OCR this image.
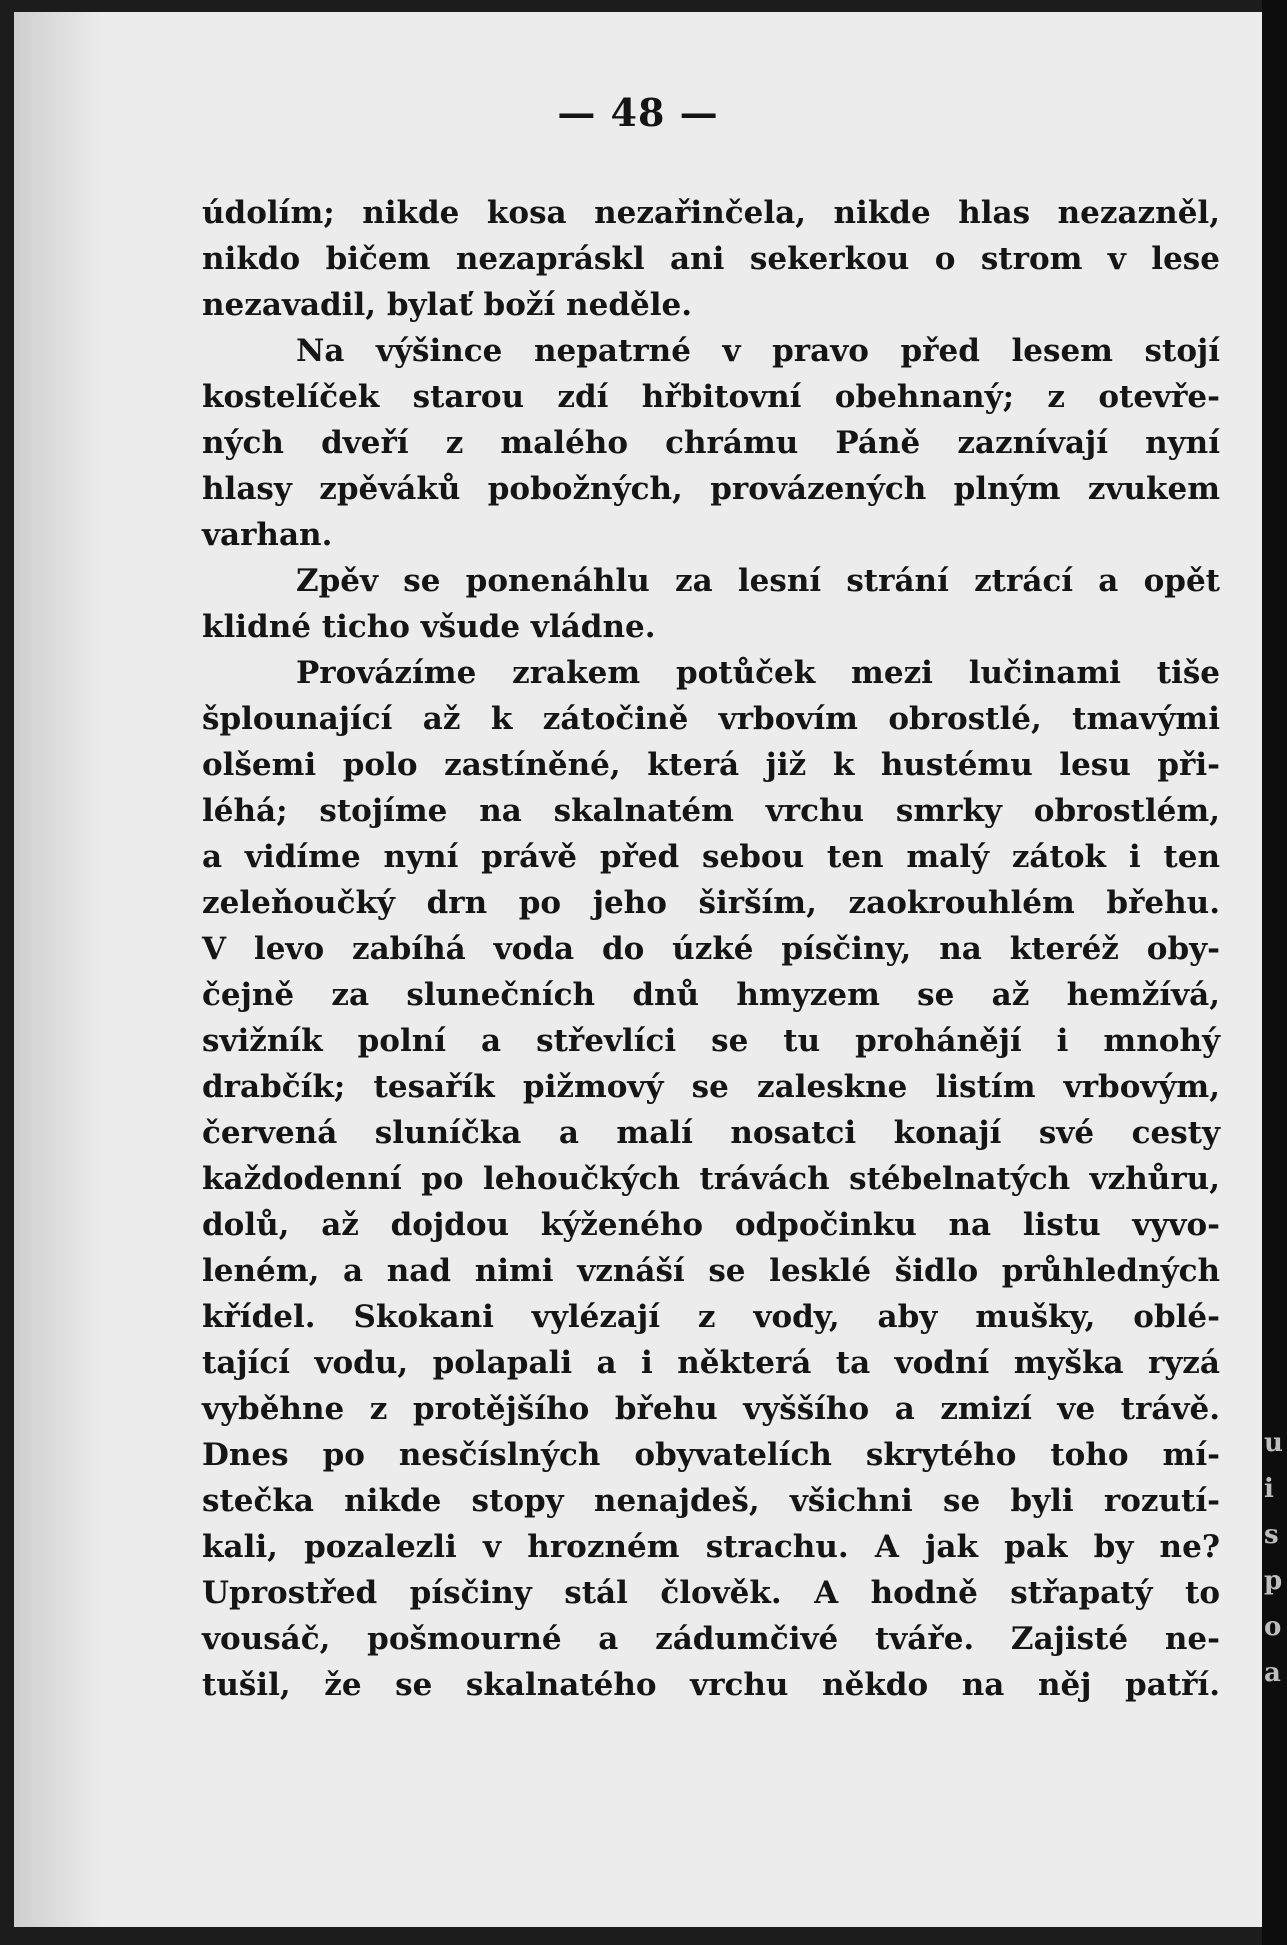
— 48 —
údolím; nikde kosa nezařinčela, nikde hlas nezazněl,
nikdo bičem nezapráskl ani sekerkou o strom v lese
nezavadil, bylať boží neděle.
Na výšince nepatrné v pravo před lesem stojí
kostelíček starou zdí hřbitovní obehnaný; z otevře-
ných dveří z malého chrámu Páně zaznívají nyní
hlasy zpěváků pobožných, provázených plným zvukem
varhan.
Zpěv se ponenáhlu za lesní strání ztrácí a opět
klidné ticho všude vládne.
Provázíme zrakem potůček mezi lučinami tiše
šplounající až k zátočině vrbovím obrostlé, tmavými
olšemi polo zastíněné, která již k hustému lesu při-
léhá; stojíme na skalnatém vrchu smrky obrostlém,
a vidíme nyní právě před sebou ten malý zátok i ten
zeleňoučký drn po jeho širším, zaokrouhlém břehu.
V levo zabíhá voda do úzké písčiny, na kteréž oby-
čejně za slunečních dnů hmyzem se až hemžívá,
svižník polní a střevlíci se tu prohánějí i mnohý
drabčík; tesařík pižmový se zaleskne listím vrbovým,
červená sluníčka a malí nosatci konají své cesty
každodenní po lehoučkých trávách stébelnatých vzhůru,
dolů, až dojdou kýženého odpočinku na listu vyvo-
leném, a nad nimi vznáší se lesklé šidlo průhledných
křídel. Skokani vylézají z vody, aby mušky, oblé-
tající vodu, polapali a i některá ta vodní myška ryzá
vyběhne z protějšího břehu vyššího a zmizí ve trávě.
Dnes po nesčíslných obyvatelích skrytého toho mí-
stečka nikde stopy nenajdeš, všichni se byli rozutí-
kali, pozalezli v hrozném strachu. A jak pak by ne?
Uprostřed písčiny stál člověk. A hodně střapatý to
vousáč, pošmourné a zádumčivé tváře. Zajisté ne-
tušil, že se skalnatého vrchu někdo na něj patří.
u
i
s
p
o
a
